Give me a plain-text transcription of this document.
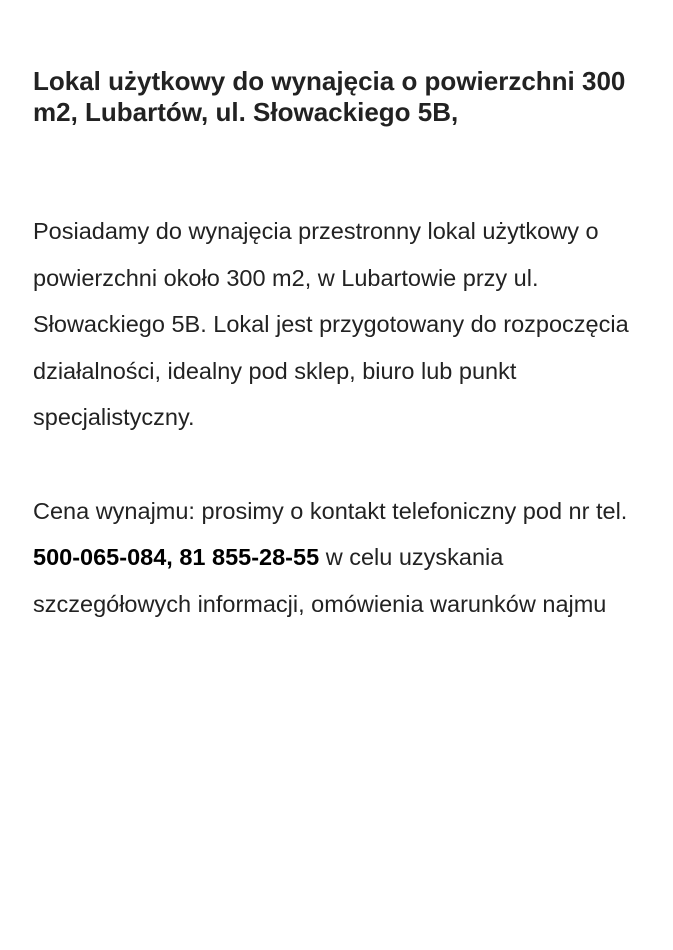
Lokal użytkowy do wynajęcia o powierzchni 300 m2, Lubartów, ul. Słowackiego 5B,

Posiadamy do wynajęcia przestronny lokal użytkowy o powierzchni około 300 m2, w Lubartowie przy ul. Słowackiego 5B. Lokal jest przygotowany do rozpoczęcia działalności, idealny pod sklep, biuro lub punkt specjalistyczny.

Cena wynajmu: prosimy o kontakt telefoniczny pod nr tel. 500-065-084, 81 855-28-55 w celu uzyskania szczegółowych informacji, omówienia warunków najmu
